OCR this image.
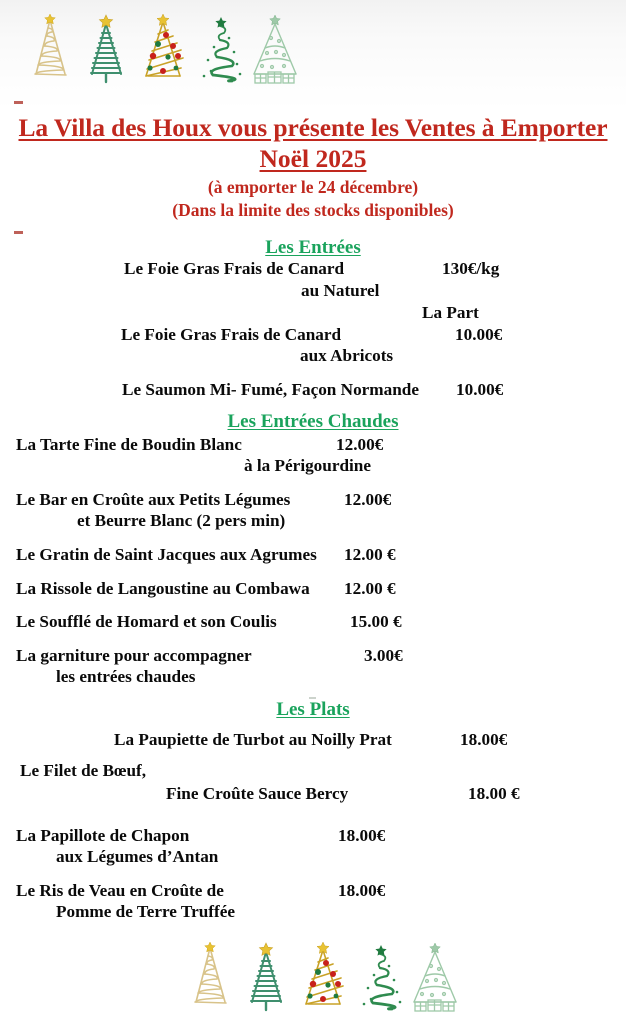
La Villa des Houx vous présente les Ventes à Emporter
Noël 2025
(à emporter le 24 décembre)
(Dans la limite des stocks disponibles)
Les Entrées
Le Foie Gras Frais de Canard	130€/kg
au Naturel
La Part
Le Foie Gras Frais de Canard	10.00€
aux Abricots
Le Saumon Mi- Fumé, Façon Normande 10.00€
Les Entrées Chaudes
La Tarte Fine de Boudin Blanc	12.00€
à la Périgourdine
Le Bar en Croûte aux Petits Légumes	12.00€
et Beurre Blanc (2 pers min)
Le Gratin de Saint Jacques aux Agrumes 12.00 €
La Rissole de Langoustine au Combawa 12.00 €
Le Soufflé de Homard et son Coulis	15.00 €
La garniture pour accompagner	3.00€
les entrées chaudes
Les Plats
La Paupiette de Turbot au Noilly Prat	18.00€
Le Filet de Bœuf,
Fine Croûte Sauce Bercy	18.00 €
La Papillote de Chapon	18.00€
aux Légumes d’Antan
Le Ris de Veau en Croûte de	18.00€
Pomme de Terre Truffée
